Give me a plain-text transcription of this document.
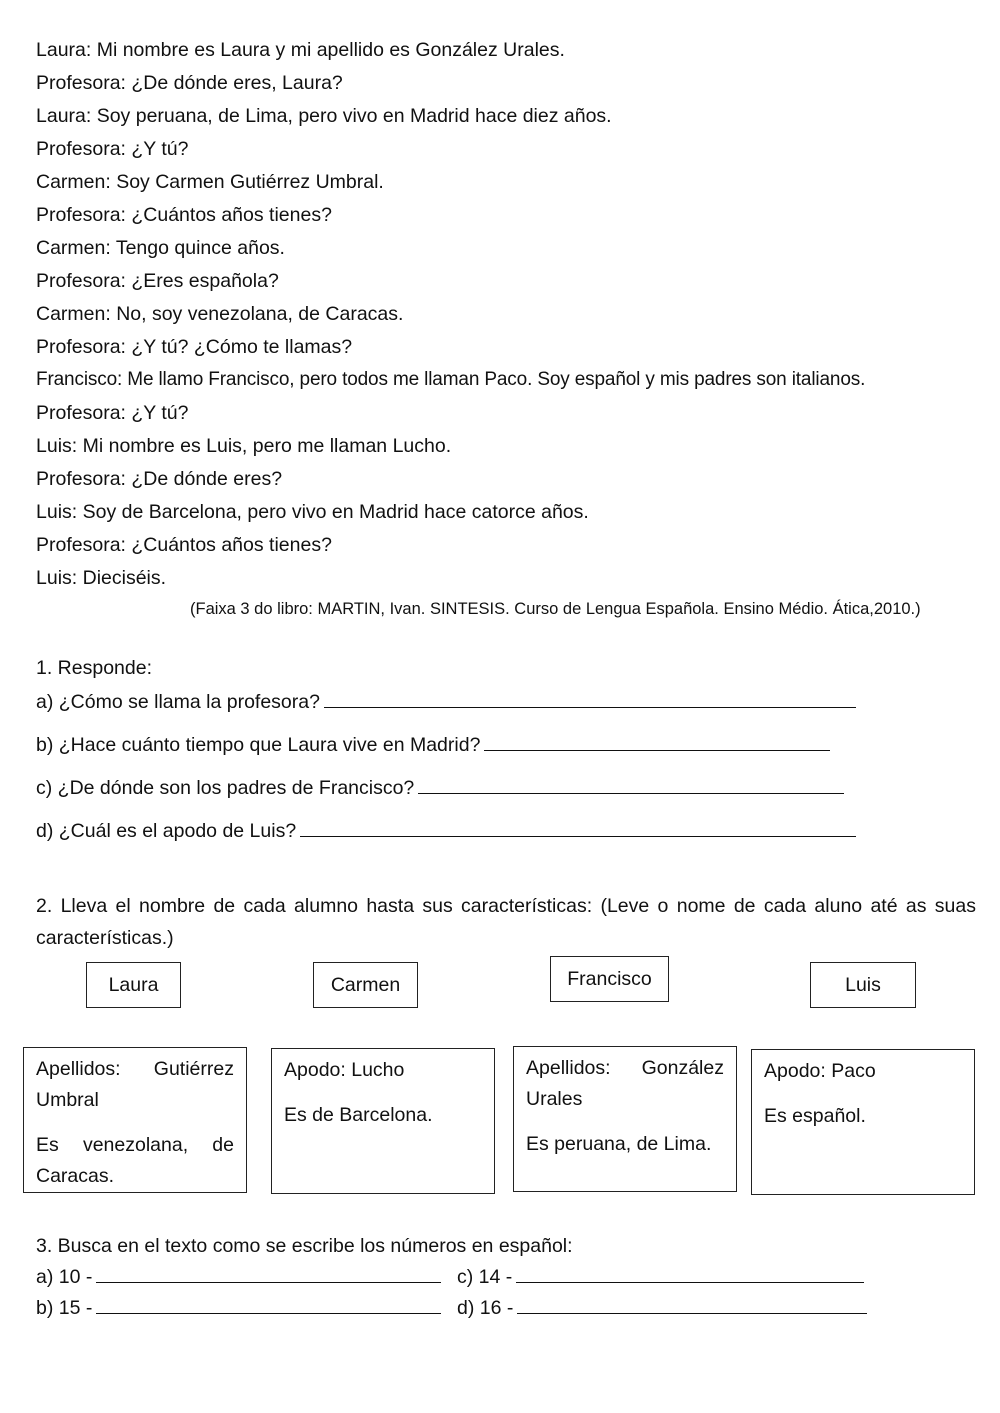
Laura: Mi nombre es Laura y mi apellido es González Urales.
Profesora: ¿De dónde eres, Laura?
Laura: Soy peruana, de Lima, pero vivo en Madrid hace diez años.
Profesora: ¿Y tú?
Carmen: Soy Carmen Gutiérrez Umbral.
Profesora: ¿Cuántos años tienes?
Carmen: Tengo quince años.
Profesora: ¿Eres española?
Carmen: No, soy venezolana, de Caracas.
Profesora: ¿Y tú? ¿Cómo te llamas?
Francisco: Me llamo Francisco, pero todos me llaman Paco. Soy español y mis padres son italianos.
Profesora: ¿Y tú?
Luis: Mi nombre es Luis, pero me llaman Lucho.
Profesora: ¿De dónde eres?
Luis: Soy de Barcelona, pero vivo en Madrid hace catorce años.
Profesora: ¿Cuántos años tienes?
Luis: Dieciséis.
(Faixa 3 do libro: MARTIN, Ivan. SINTESIS. Curso de Lengua Española. Ensino Médio. Ática,2010.)
1. Responde:
a) ¿Cómo se llama la profesora?
b) ¿Hace cuánto tiempo que Laura vive en Madrid?
c) ¿De dónde son los padres de Francisco?
d) ¿Cuál es el apodo de Luis?
2. Lleva el nombre de cada alumno hasta sus características: (Leve o nome de cada aluno até as suas características.)
Laura	Carmen	Francisco	Luis

Apellidos: Gutiérrez

Umbral

Es venezolana, de

Caracas.

Apodo: Lucho

Es de Barcelona.

Apellidos: González

Urales

Es peruana, de Lima.

Apodo: Paco

Es español.

3. Busca en el texto como se escribe los números en español:
a) 10 -	c) 14 -
b) 15 -	d) 16 -
